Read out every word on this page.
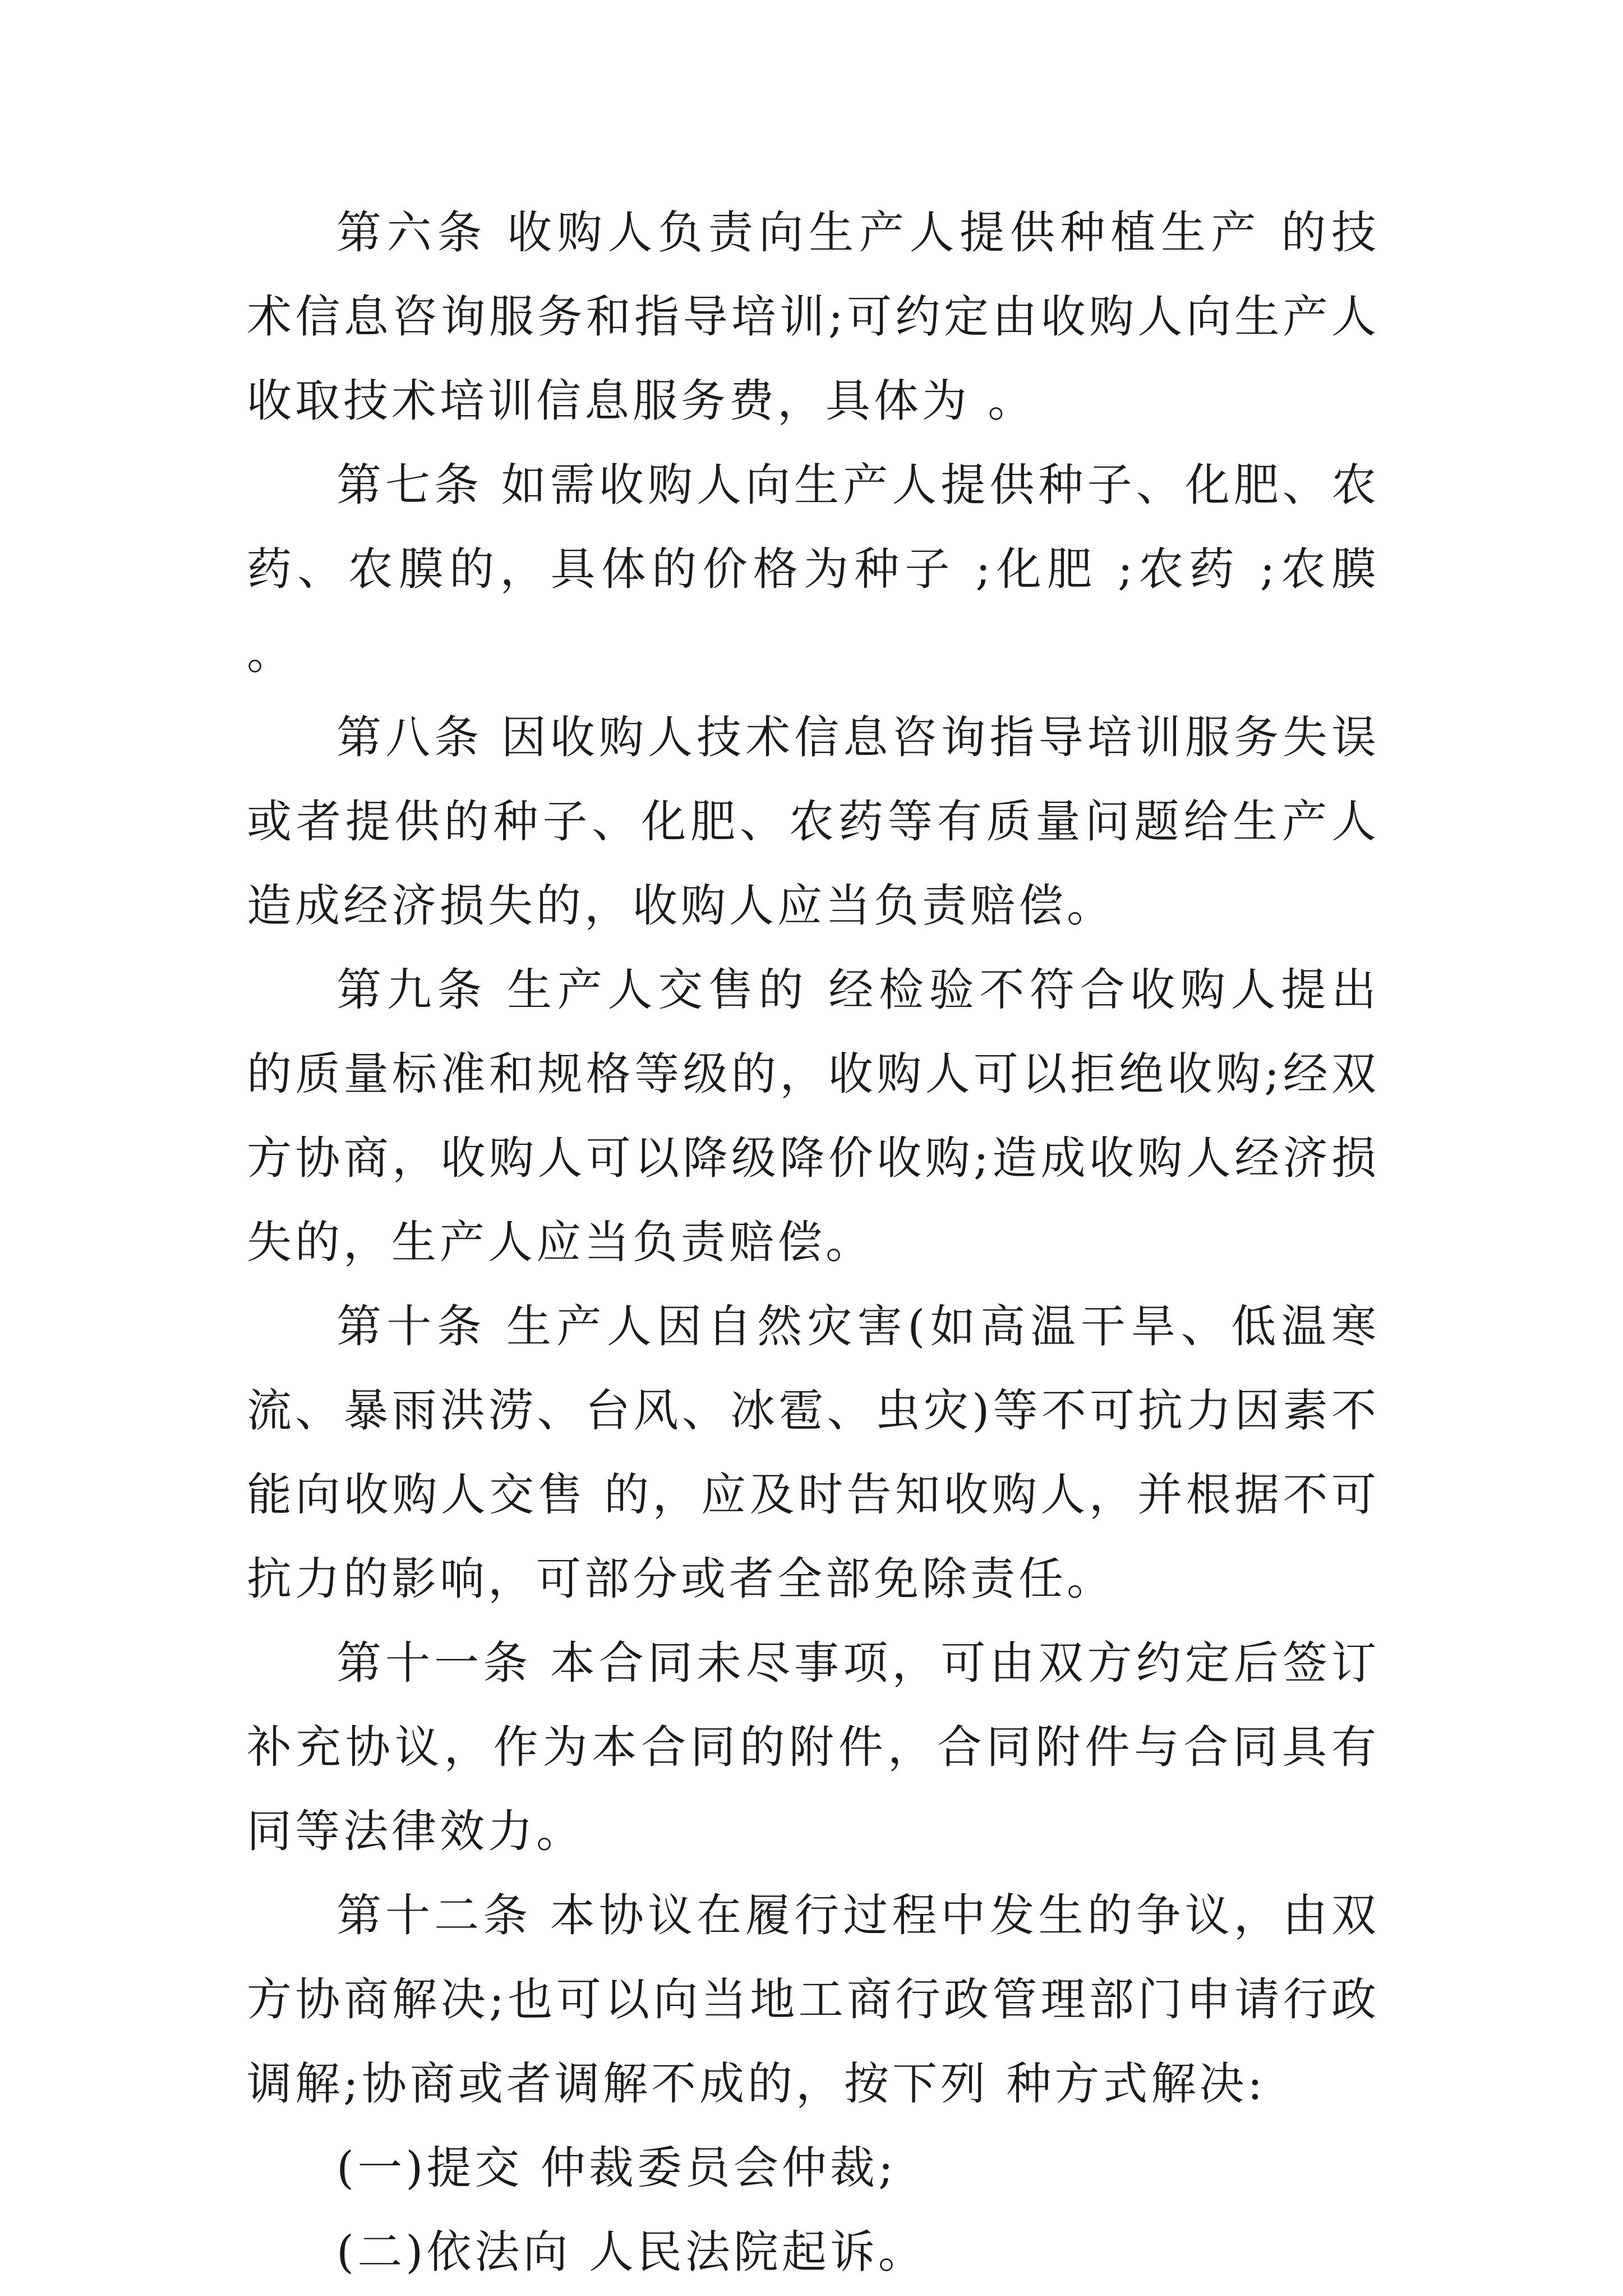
第六条 收购人负责向生产人提供种植生产 的技术信息咨询服务和指导培训;可约定由收购人向生产人收取技术培训信息服务费，具体为 。

第七条 如需收购人向生产人提供种子、化肥、农药、农膜的，具体的价格为种子 ;化肥 ;农药 ;农膜 。

第八条 因收购人技术信息咨询指导培训服务失误或者提供的种子、化肥、农药等有质量问题给生产人造成经济损失的，收购人应当负责赔偿。

第九条 生产人交售的 经检验不符合收购人提出的质量标准和规格等级的，收购人可以拒绝收购;经双方协商，收购人可以降级降价收购;造成收购人经济损失的，生产人应当负责赔偿。

第十条 生产人因自然灾害(如高温干旱、低温寒流、暴雨洪涝、台风、冰雹、虫灾)等不可抗力因素不能向收购人交售 的，应及时告知收购人，并根据不可抗力的影响，可部分或者全部免除责任。

第十一条 本合同未尽事项，可由双方约定后签订补充协议，作为本合同的附件，合同附件与合同具有同等法律效力。

第十二条 本协议在履行过程中发生的争议，由双方协商解决;也可以向当地工商行政管理部门申请行政调解;协商或者调解不成的，按下列 种方式解决:

(一)提交 仲裁委员会仲裁;

(二)依法向 人民法院起诉。
